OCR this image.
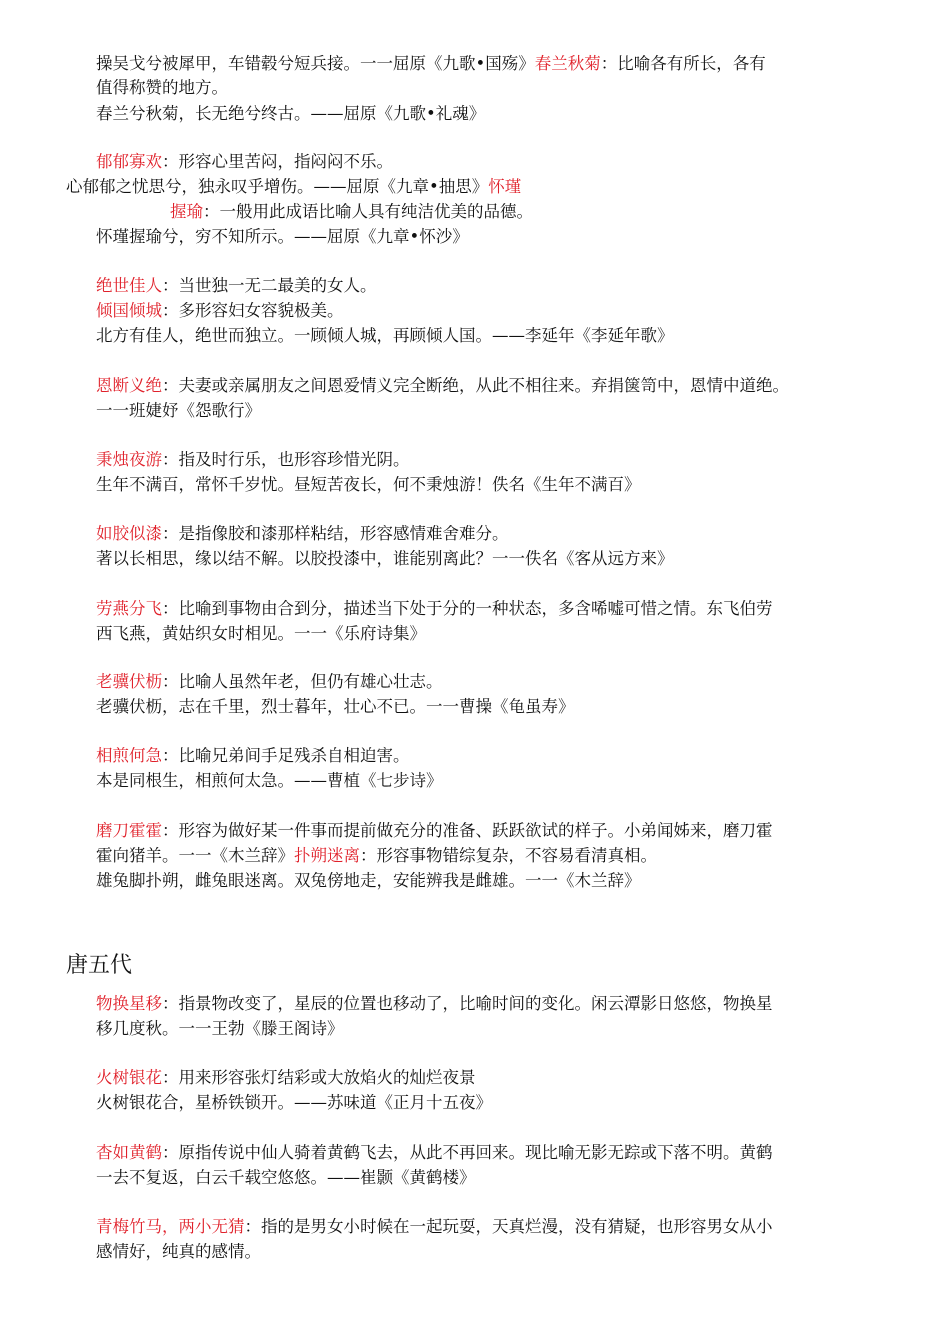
操吴戈兮被犀甲，车错毂兮短兵接。一一屈原《九歌•国殇》春兰秋菊：比喻各有所长，各有
值得称赞的地方。
春兰兮秋菊，长无绝兮终古。——屈原《九歌•礼魂》
郁郁寡欢：形容心里苦闷，指闷闷不乐。
心郁郁之忧思兮，独永叹乎增伤。——屈原《九章•抽思》怀瑾
握瑜：一般用此成语比喻人具有纯洁优美的品德。
怀瑾握瑜兮，穷不知所示。——屈原《九章•怀沙》
绝世佳人：当世独一无二最美的女人。
倾国倾城：多形容妇女容貌极美。
北方有佳人，绝世而独立。一顾倾人城，再顾倾人国。——李延年《李延年歌》
恩断义绝：夫妻或亲属朋友之间恩爱情义完全断绝，从此不相往来。弃捐箧笥中，恩情中道绝。
一一班婕妤《怨歌行》
秉烛夜游：指及时行乐，也形容珍惜光阴。
生年不满百，常怀千岁忧。昼短苦夜长，何不秉烛游！佚名《生年不满百》
如胶似漆：是指像胶和漆那样粘结，形容感情难舍难分。
著以长相思，缘以结不解。以胶投漆中，谁能别离此？一一佚名《客从远方来》
劳燕分飞：比喻到事物由合到分，描述当下处于分的一种状态，多含唏嘘可惜之情。东飞伯劳
西飞燕，黄姑织女时相见。一一《乐府诗集》
老骥伏枥：比喻人虽然年老，但仍有雄心壮志。
老骥伏枥，志在千里，烈士暮年，壮心不已。一一曹操《龟虽寿》
相煎何急：比喻兄弟间手足残杀自相迫害。
本是同根生，相煎何太急。——曹植《七步诗》
磨刀霍霍：形容为做好某一件事而提前做充分的准备、跃跃欲试的样子。小弟闻姊来，磨刀霍
霍向猪羊。一一《木兰辞》扑朔迷离：形容事物错综复杂，不容易看清真相。
雄兔脚扑朔，雌兔眼迷离。双兔傍地走，安能辨我是雌雄。一一《木兰辞》
唐五代
物换星移：指景物改变了，星辰的位置也移动了，比喻时间的变化。闲云潭影日悠悠，物换星
移几度秋。一一王勃《滕王阁诗》
火树银花：用来形容张灯结彩或大放焰火的灿烂夜景
火树银花合，星桥铁锁开。——苏味道《正月十五夜》
杳如黄鹤：原指传说中仙人骑着黄鹤飞去，从此不再回来。现比喻无影无踪或下落不明。黄鹤
一去不复返，白云千载空悠悠。——崔颢《黄鹤楼》
青梅竹马，两小无猜：指的是男女小时候在一起玩耍，天真烂漫，没有猜疑，也形容男女从小
感情好，纯真的感情。
